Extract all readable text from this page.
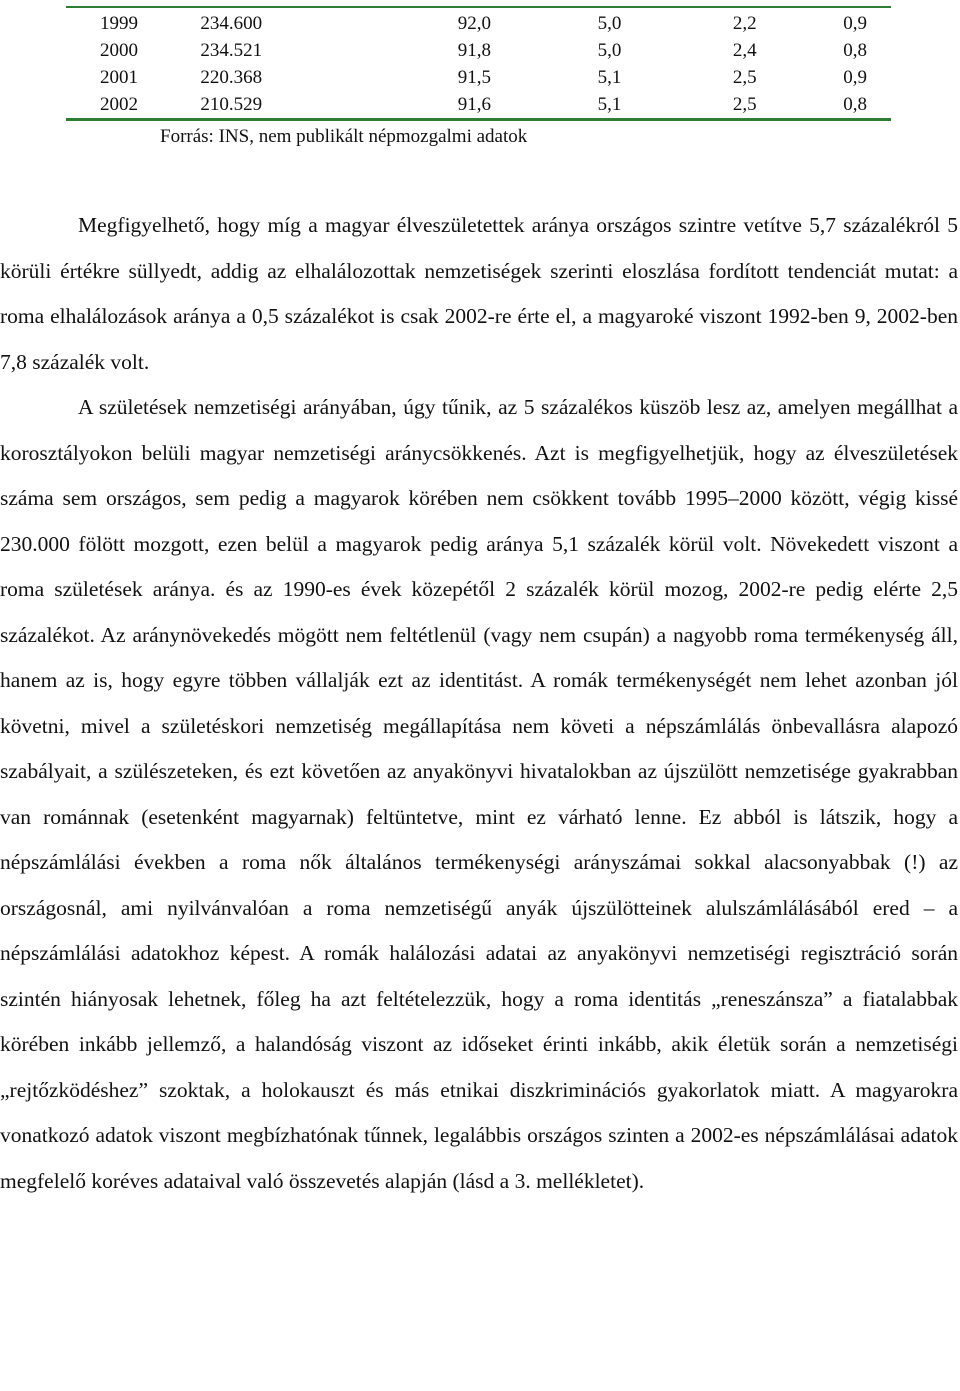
1999	234.600	92,0	5,0	2,2	0,9
2000	234.521	91,8	5,0	2,4	0,8
2001	220.368	91,5	5,1	2,5	0,9
2002	210.529	91,6	5,1	2,5	0,8

Forrás: INS, nem publikált népmozgalmi adatok

Megfigyelhető, hogy míg a magyar élveszületettek aránya országos szintre vetítve 5,7 százalékról 5 körüli értékre süllyedt, addig az elhalálozottak nemzetiségek szerinti eloszlása fordított tendenciát mutat: a roma elhalálozások aránya a 0,5 százalékot is csak 2002-re érte el, a magyaroké viszont 1992-ben 9, 2002-ben 7,8 százalék volt.

A születések nemzetiségi arányában, úgy tűnik, az 5 százalékos küszöb lesz az, amelyen megállhat a korosztályokon belüli magyar nemzetiségi aránycsökkenés. Azt is megfigyelhetjük, hogy az élveszületések száma sem országos, sem pedig a magyarok körében nem csökkent tovább 1995–2000 között, végig kissé 230.000 fölött mozgott, ezen belül a magyarok pedig aránya 5,1 százalék körül volt. Növekedett viszont a roma születések aránya. és az 1990-es évek közepétől 2 százalék körül mozog, 2002-re pedig elérte 2,5 százalékot. Az aránynövekedés mögött nem feltétlenül (vagy nem csupán) a nagyobb roma termékenység áll, hanem az is, hogy egyre többen vállalják ezt az identitást. A romák termékenységét nem lehet azonban jól követni, mivel a születéskori nemzetiség megállapítása nem követi a népszámlálás önbevallásra alapozó szabályait, a szülészeteken, és ezt követően az anyakönyvi hivatalokban az újszülött nemzetisége gyakrabban van románnak (esetenként magyarnak) feltüntetve, mint ez várható lenne. Ez abból is látszik, hogy a népszámlálási években a roma nők általános termékenységi arányszámai sokkal alacsonyabbak (!) az országosnál, ami nyilvánvalóan a roma nemzetiségű anyák újszülötteinek alulszámlálásából ered – a népszámlálási adatokhoz képest. A romák halálozási adatai az anyakönyvi nemzetiségi regisztráció során szintén hiányosak lehetnek, főleg ha azt feltételezzük, hogy a roma identitás „reneszánsza” a fiatalabbak körében inkább jellemző, a halandóság viszont az időseket érinti inkább, akik életük során a nemzetiségi „rejtőzködéshez” szoktak, a holokauszt és más etnikai diszkriminációs gyakorlatok miatt. A magyarokra vonatkozó adatok viszont megbízhatónak tűnnek, legalábbis országos szinten a 2002-es népszámlálásai adatok megfelelő koréves adataival való összevetés alapján (lásd a 3. mellékletet).
